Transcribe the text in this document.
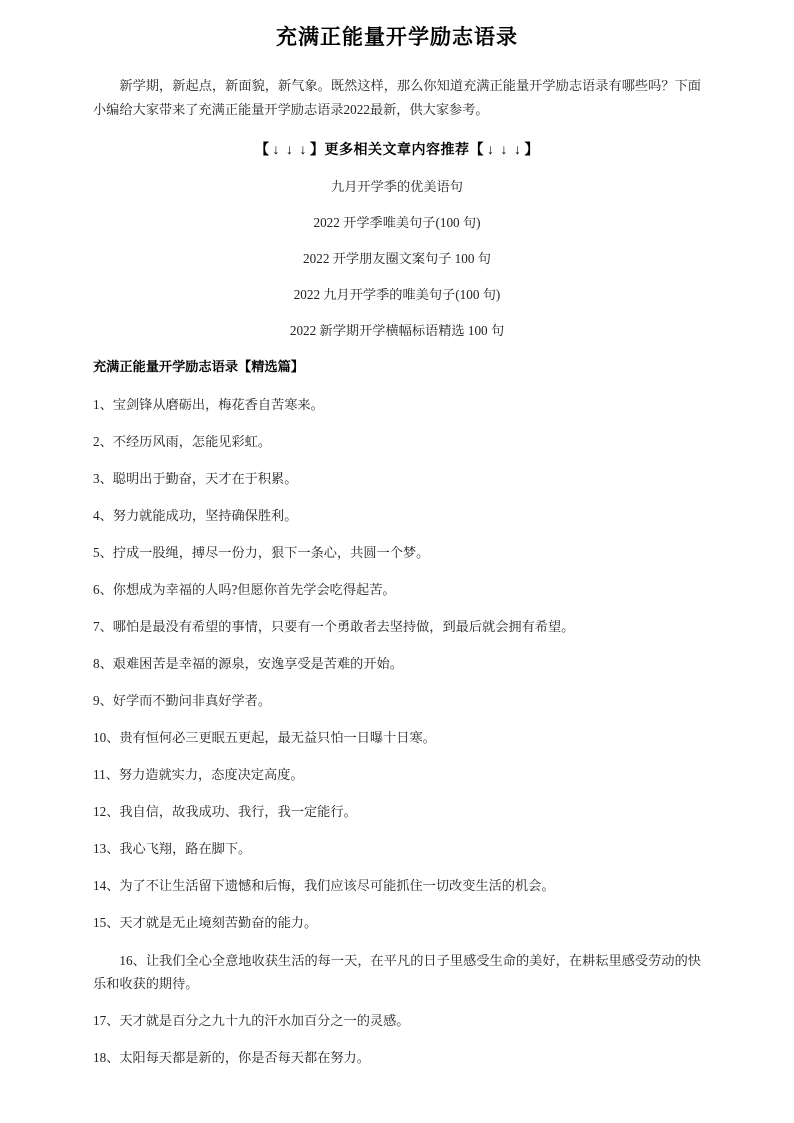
充满正能量开学励志语录

新学期，新起点，新面貌，新气象。既然这样，那么你知道充满正能量开学励志语录有哪些吗？下面小编给大家带来了充满正能量开学励志语录2022最新，供大家参考。

【 ↓ ↓ ↓ 】更多相关文章内容推荐【 ↓ ↓ ↓ 】
九月开学季的优美语句
2022 开学季唯美句子(100 句)
2022 开学朋友圈文案句子 100 句
2022 九月开学季的唯美句子(100 句)
2022 新学期开学横幅标语精选 100 句
充满正能量开学励志语录【精选篇】
1、宝剑锋从磨砺出，梅花香自苦寒来。
2、不经历风雨，怎能见彩虹。
3、聪明出于勤奋，天才在于积累。
4、努力就能成功，坚持确保胜利。
5、拧成一股绳，搏尽一份力，狠下一条心，共圆一个梦。
6、你想成为幸福的人吗?但愿你首先学会吃得起苦。
7、哪怕是最没有希望的事情，只要有一个勇敢者去坚持做，到最后就会拥有希望。
8、艰难困苦是幸福的源泉，安逸享受是苦难的开始。
9、好学而不勤问非真好学者。
10、贵有恒何必三更眠五更起，最无益只怕一日曝十日寒。
11、努力造就实力，态度决定高度。
12、我自信，故我成功、我行，我一定能行。
13、我心飞翔，路在脚下。
14、为了不让生活留下遗憾和后悔，我们应该尽可能抓住一切改变生活的机会。
15、天才就是无止境刻苦勤奋的能力。
16、让我们全心全意地收获生活的每一天，在平凡的日子里感受生命的美好，在耕耘里感受劳动的快乐和收获的期待。
17、天才就是百分之九十九的汗水加百分之一的灵感。
18、太阳每天都是新的，你是否每天都在努力。
